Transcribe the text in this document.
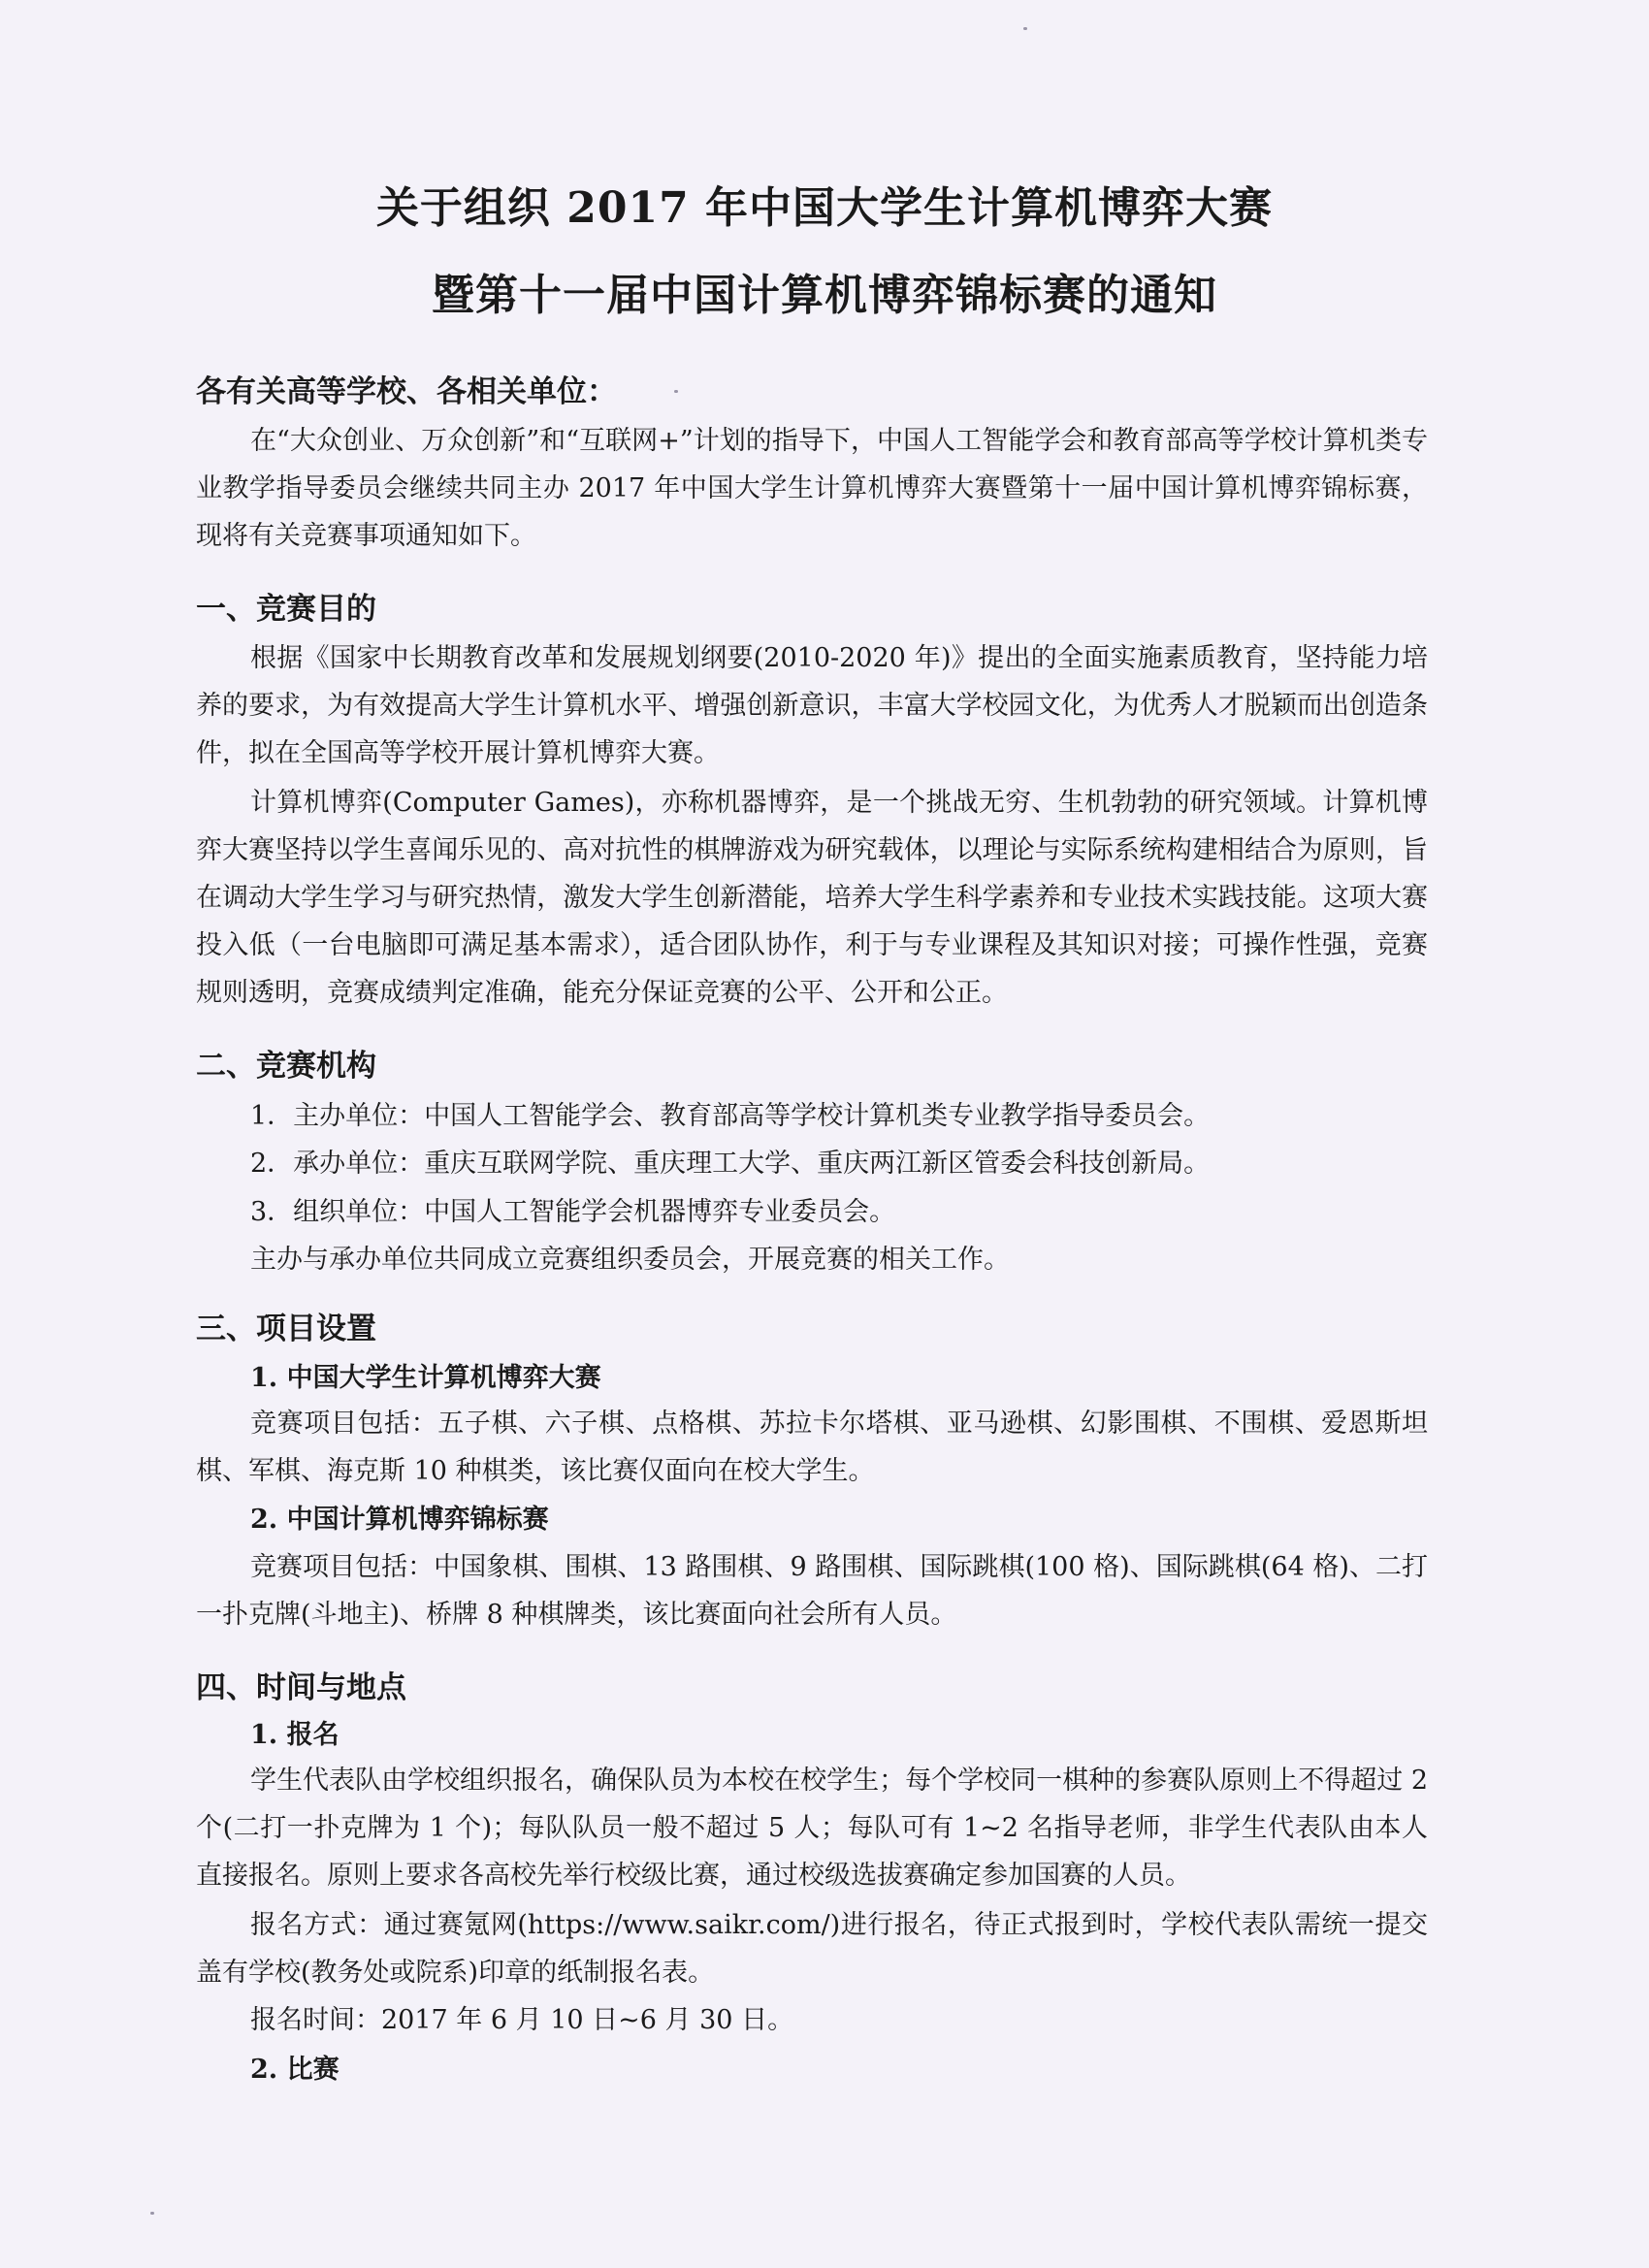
关于组织 2017 年中国大学生计算机博弈大赛
暨第十一届中国计算机博弈锦标赛的通知
各有关高等学校、各相关单位：

在“大众创业、万众创新”和“互联网+”计划的指导下，中国人工智能学会和教育部高等学校计算机类专业教学指导委员会继续共同主办 2017 年中国大学生计算机博弈大赛暨第十一届中国计算机博弈锦标赛，现将有关竞赛事项通知如下。

一、竞赛目的

根据《国家中长期教育改革和发展规划纲要(2010-2020 年)》提出的全面实施素质教育，坚持能力培养的要求，为有效提高大学生计算机水平、增强创新意识，丰富大学校园文化，为优秀人才脱颖而出创造条件，拟在全国高等学校开展计算机博弈大赛。

计算机博弈(Computer Games)，亦称机器博弈，是一个挑战无穷、生机勃勃的研究领域。计算机博弈大赛坚持以学生喜闻乐见的、高对抗性的棋牌游戏为研究载体，以理论与实际系统构建相结合为原则，旨在调动大学生学习与研究热情，激发大学生创新潜能，培养大学生科学素养和专业技术实践技能。这项大赛投入低（一台电脑即可满足基本需求），适合团队协作，利于与专业课程及其知识对接；可操作性强，竞赛规则透明，竞赛成绩判定准确，能充分保证竞赛的公平、公开和公正。

二、竞赛机构
1．主办单位：中国人工智能学会、教育部高等学校计算机类专业教学指导委员会。
2．承办单位：重庆互联网学院、重庆理工大学、重庆两江新区管委会科技创新局。
3．组织单位：中国人工智能学会机器博弈专业委员会。
主办与承办单位共同成立竞赛组织委员会，开展竞赛的相关工作。
三、项目设置
1. 中国大学生计算机博弈大赛

竞赛项目包括：五子棋、六子棋、点格棋、苏拉卡尔塔棋、亚马逊棋、幻影围棋、不围棋、爱恩斯坦棋、军棋、海克斯 10 种棋类，该比赛仅面向在校大学生。

2. 中国计算机博弈锦标赛

竞赛项目包括：中国象棋、围棋、13 路围棋、9 路围棋、国际跳棋(100 格)、国际跳棋(64 格)、二打一扑克牌(斗地主)、桥牌 8 种棋牌类，该比赛面向社会所有人员。

四、时间与地点
1. 报名

学生代表队由学校组织报名，确保队员为本校在校学生；每个学校同一棋种的参赛队原则上不得超过 2 个(二打一扑克牌为 1 个)；每队队员一般不超过 5 人；每队可有 1~2 名指导老师，非学生代表队由本人直接报名。原则上要求各高校先举行校级比赛，通过校级选拔赛确定参加国赛的人员。

报名方式：通过赛氪网(https://www.saikr.com/)进行报名，待正式报到时，学校代表队需统一提交盖有学校(教务处或院系)印章的纸制报名表。

报名时间：2017 年 6 月 10 日~6 月 30 日。
2. 比赛
